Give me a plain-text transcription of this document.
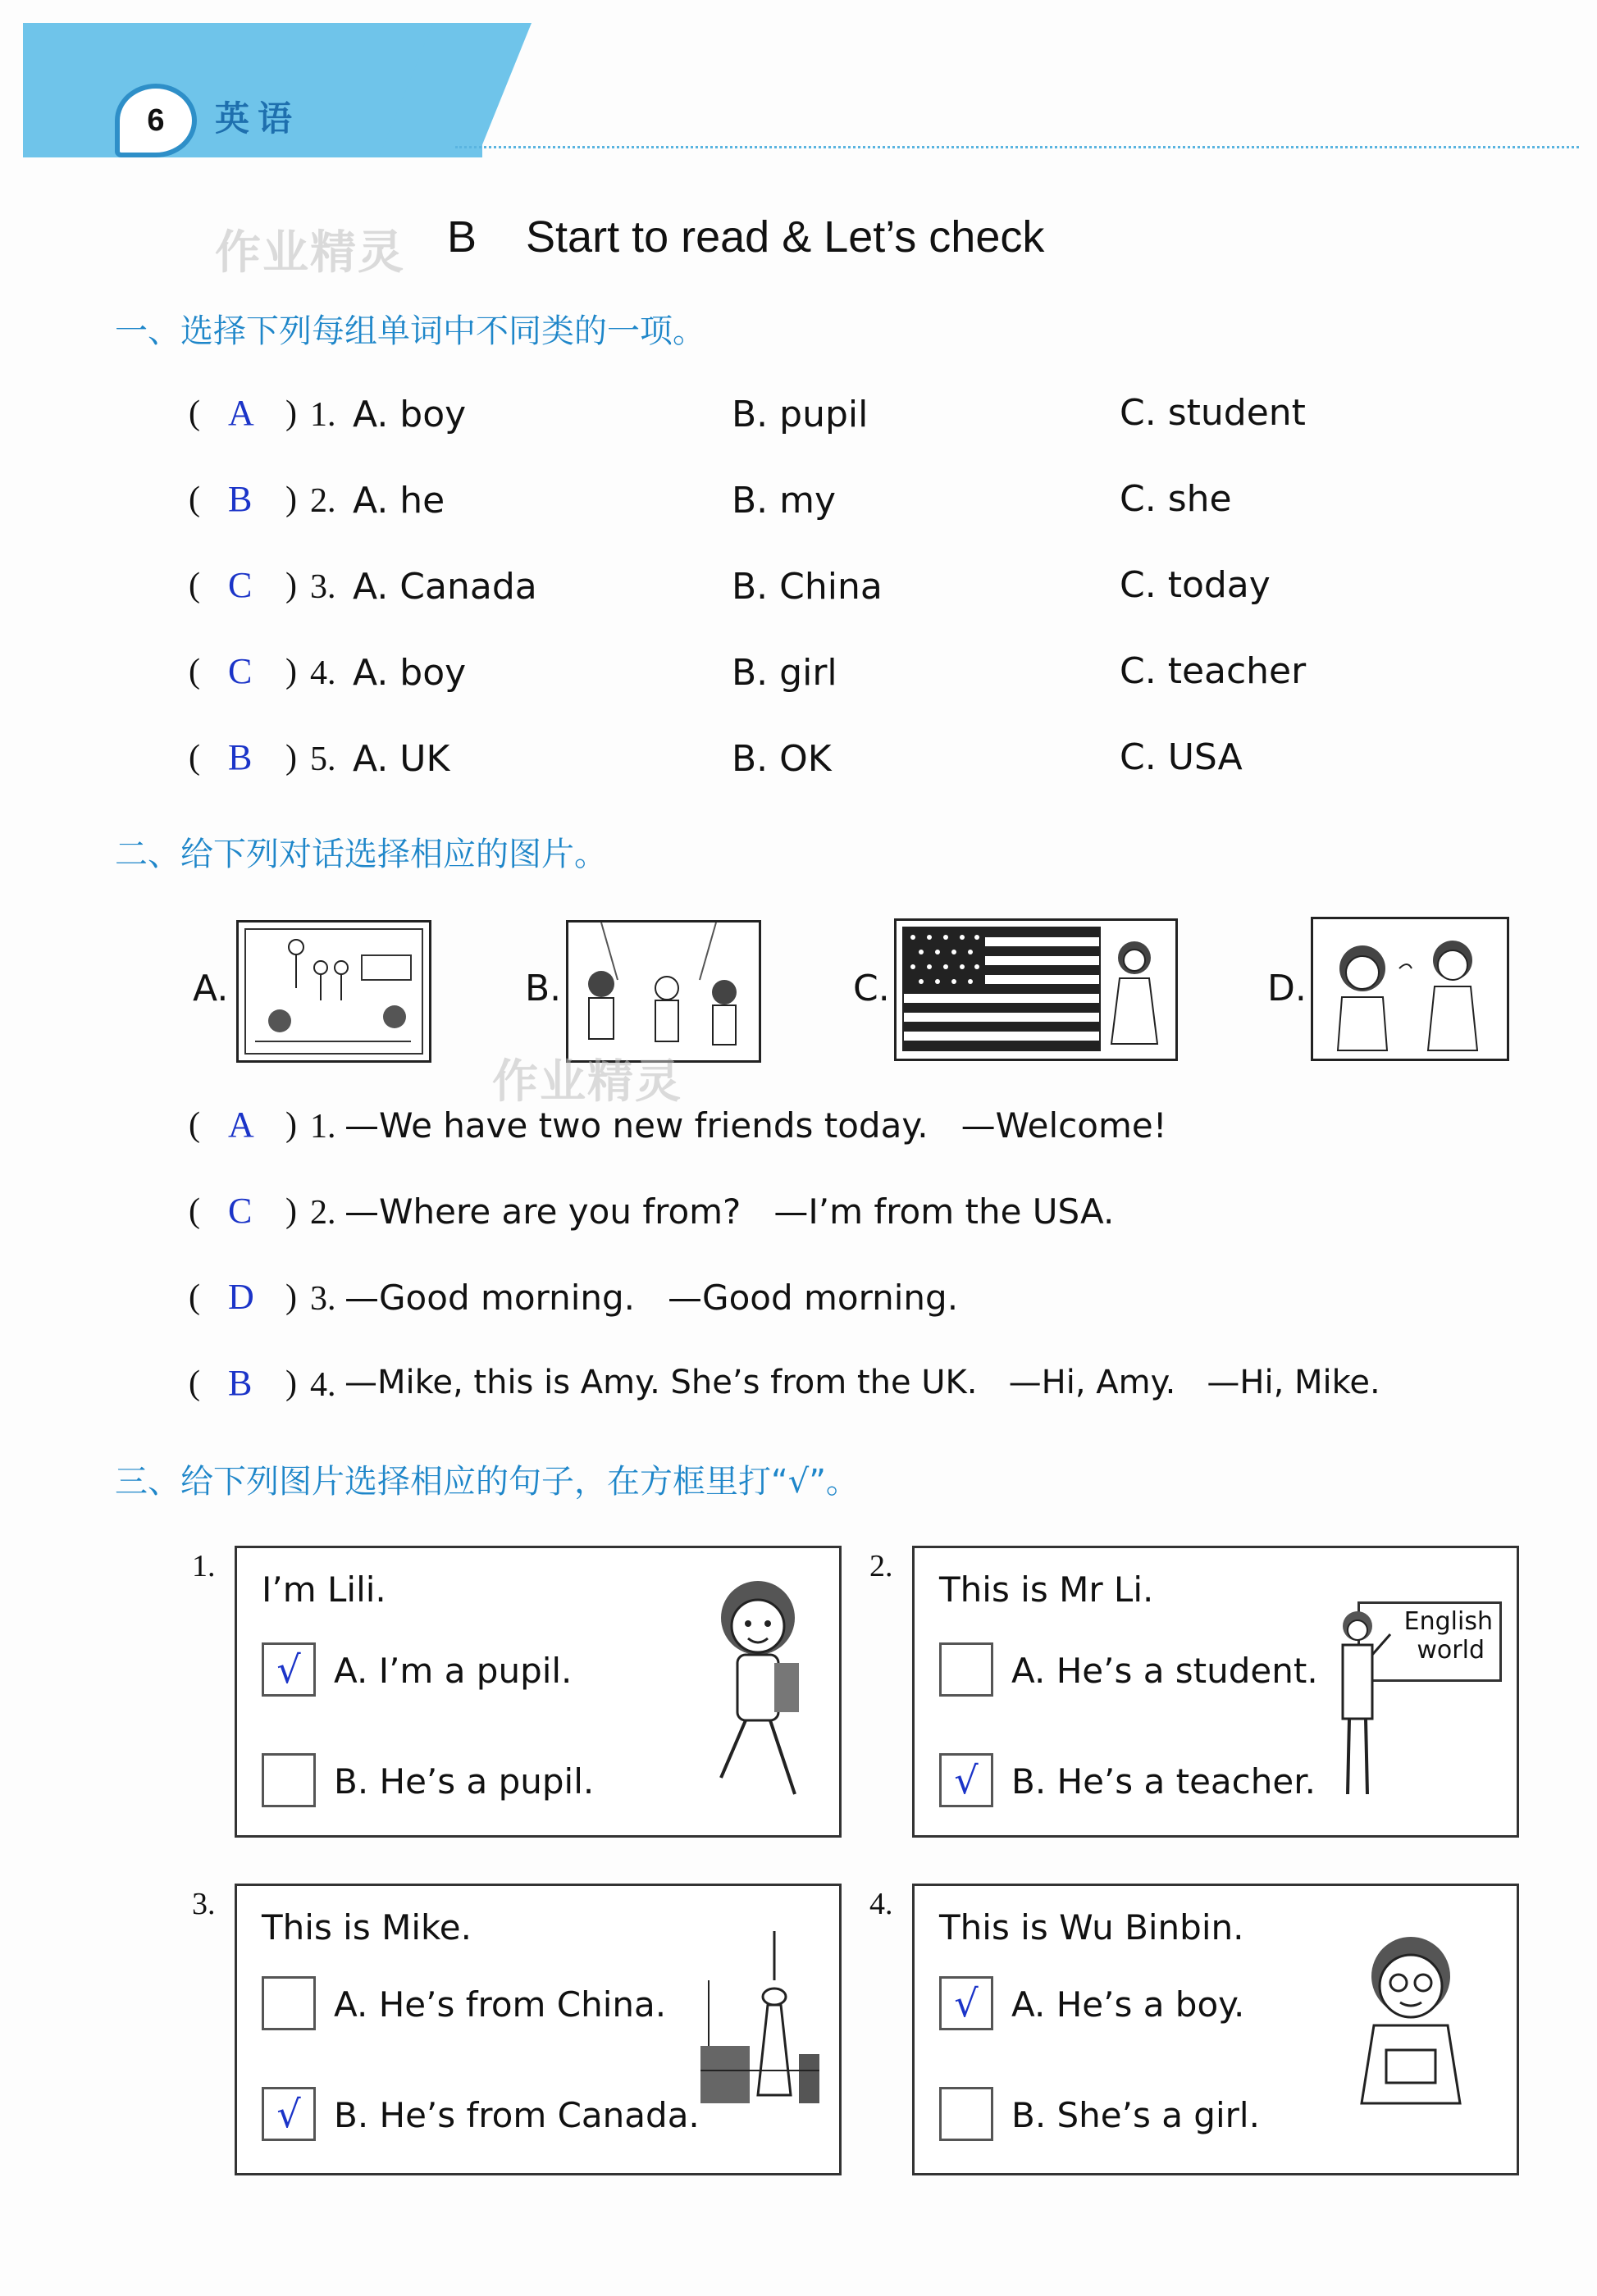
6	英语
作业精灵 B Start to read & Let’s check
一、选择下列每组单词中不同类的一项。
( A ) 1. A. boy	B. pupil	C. student
( B ) 2. A. he	B. my	C. she
( C ) 3. A. Canada	B. China	C. today
( C ) 4. A. boy	B. girl	C. teacher
( B ) 5. A. UK	B. OK	C. USA
二、给下列对话选择相应的图片。
A.	B.	C.	D.
作业精灵
( A ) 1. —We have two new friends today.   —Welcome!
( C ) 2. —Where are you from?   —I’m from the USA.
( D ) 3. —Good morning.   —Good morning.
( B ) 4. —Mike, this is Amy. She’s from the UK.   —Hi, Amy.   —Hi, Mike.
三、给下列图片选择相应的句子，在方框里打“√”。
1.
I’m Lili.
√ A. I’m a pupil.
B. He’s a pupil.
2.
This is Mr Li.
A. He’s a student.
√ B. He’s a teacher.
English
world
3.
This is Mike.
A. He’s from China.
√ B. He’s from Canada.
4.
This is Wu Binbin.
√ A. He’s a boy.
B. She’s a girl.
